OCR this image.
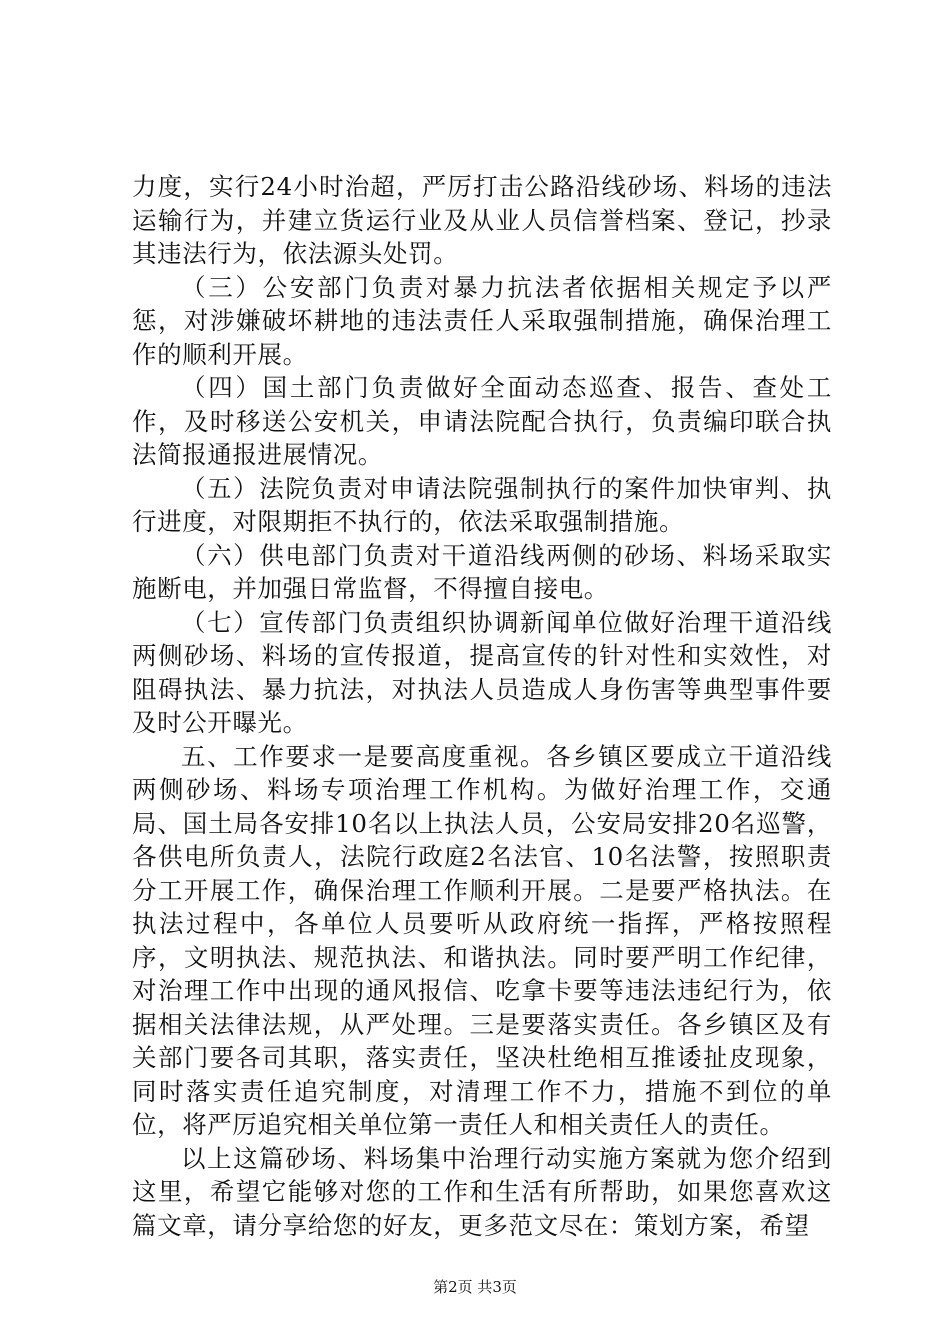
力度，实行24小时治超，严厉打击公路沿线砂场、料场的违法运输行为，并建立货运行业及从业人员信誉档案、登记，抄录其违法行为，依法源头处罚。

（三）公安部门负责对暴力抗法者依据相关规定予以严惩，对涉嫌破坏耕地的违法责任人采取强制措施，确保治理工作的顺利开展。

（四）国土部门负责做好全面动态巡查、报告、查处工作，及时移送公安机关，申请法院配合执行，负责编印联合执法简报通报进展情况。

（五）法院负责对申请法院强制执行的案件加快审判、执行进度，对限期拒不执行的，依法采取强制措施。

（六）供电部门负责对干道沿线两侧的砂场、料场采取实施断电，并加强日常监督，不得擅自接电。

（七）宣传部门负责组织协调新闻单位做好治理干道沿线两侧砂场、料场的宣传报道，提高宣传的针对性和实效性，对阻碍执法、暴力抗法，对执法人员造成人身伤害等典型事件要及时公开曝光。

五、工作要求一是要高度重视。各乡镇区要成立干道沿线两侧砂场、料场专项治理工作机构。为做好治理工作，交通局、国土局各安排10名以上执法人员，公安局安排20名巡警，各供电所负责人，法院行政庭2名法官、10名法警，按照职责分工开展工作，确保治理工作顺利开展。二是要严格执法。在执法过程中，各单位人员要听从政府统一指挥，严格按照程序，文明执法、规范执法、和谐执法。同时要严明工作纪律，对治理工作中出现的通风报信、吃拿卡要等违法违纪行为，依据相关法律法规，从严处理。三是要落实责任。各乡镇区及有关部门要各司其职，落实责任，坚决杜绝相互推诿扯皮现象，同时落实责任追究制度，对清理工作不力，措施不到位的单位，将严厉追究相关单位第一责任人和相关责任人的责任。

以上这篇砂场、料场集中治理行动实施方案就为您介绍到这里，希望它能够对您的工作和生活有所帮助，如果您喜欢这篇文章，请分享给您的好友，更多范文尽在：策划方案，希望

第2页 共3页
